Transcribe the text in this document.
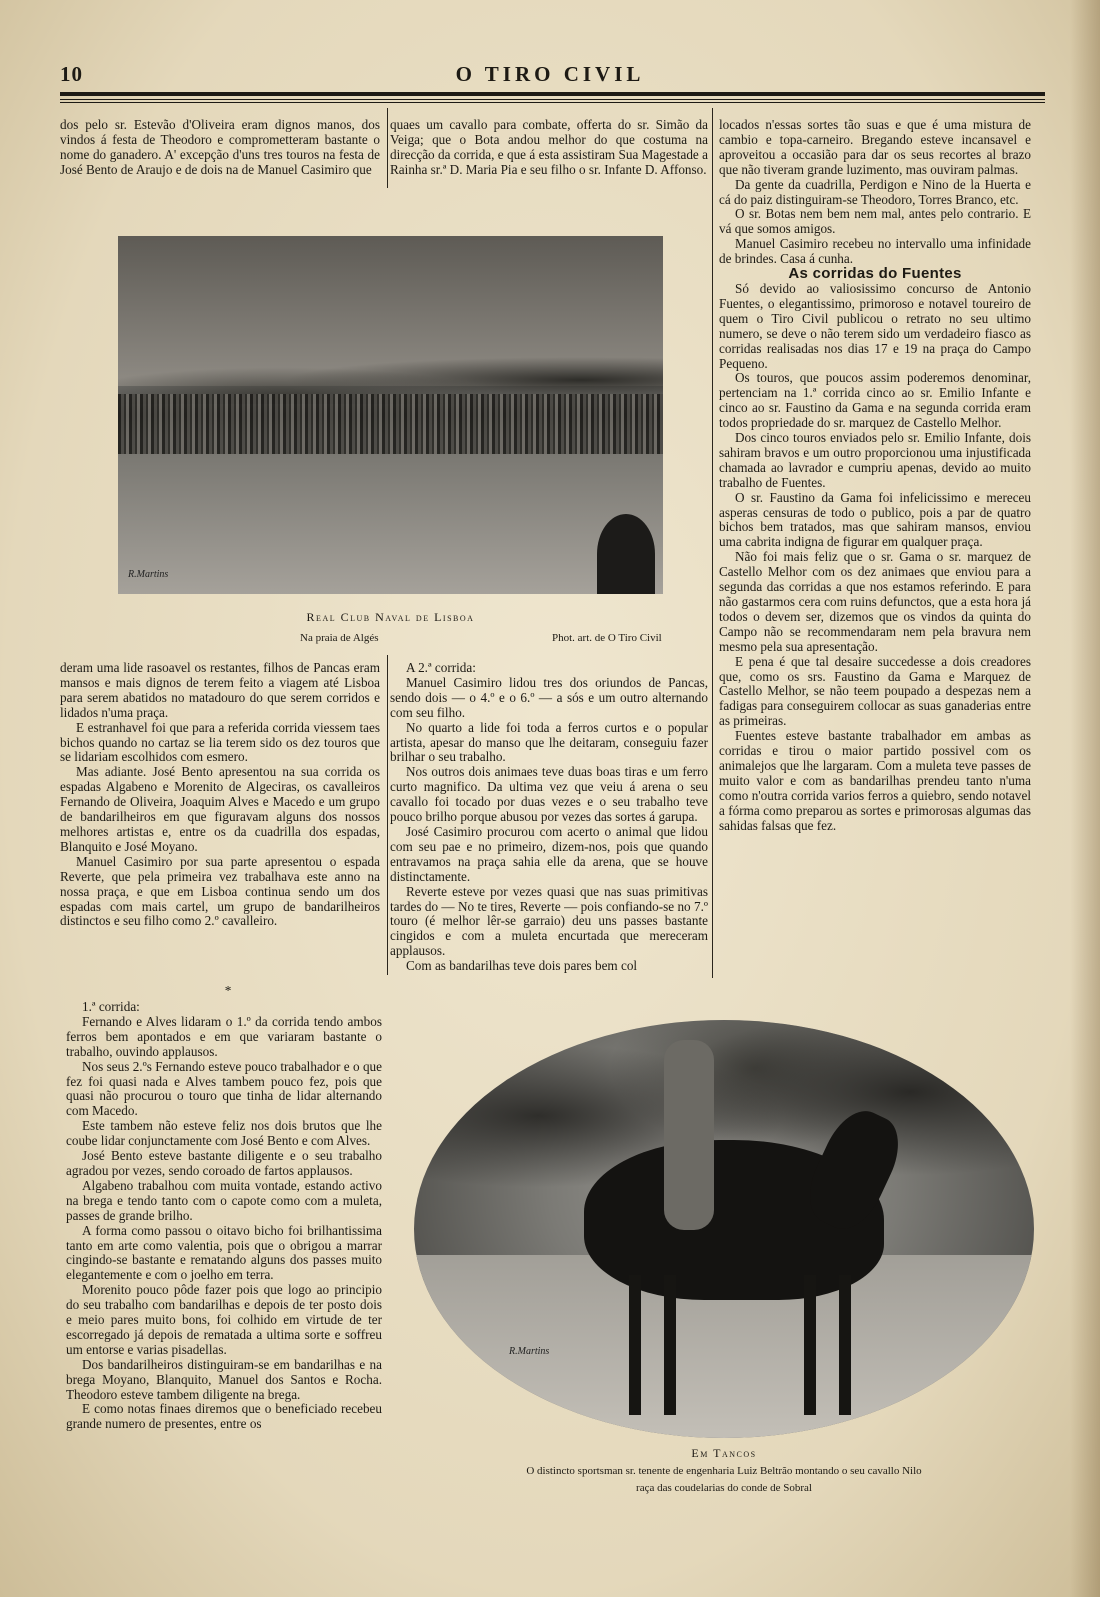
10	O TIRO CIVIL

dos pelo sr. Estevão d'Oliveira eram dignos manos, dos vindos á festa de Theodoro e comprometteram bastante o nome do ganadero. A' excepção d'uns tres touros na festa de José Bento de Araujo e de dois na de Manuel Casimiro que

quaes um cavallo para combate, offerta do sr. Simão da Veiga; que o Bota andou melhor do que costuma na direcção da corrida, e que á esta assistiram Sua Magestade a Rainha sr.ª D. Maria Pia e seu filho o sr. Infante D. Affonso.

locados n'essas sortes tão suas e que é uma mistura de cambio e topa-carneiro. Bregando esteve incansavel e aproveitou a occasião para dar os seus recortes al brazo que não tiveram grande luzimento, mas ouviram palmas.

Da gente da cuadrilla, Perdigon e Nino de la Huerta e cá do paiz distinguiram-se Theodoro, Torres Branco, etc.

O sr. Botas nem bem nem mal, antes pelo contrario. E vá que somos amigos.

Manuel Casimiro recebeu no intervallo uma infinidade de brindes. Casa á cunha.

As corridas do Fuentes

Só devido ao valiosissimo concurso de Antonio Fuentes, o elegantissimo, primoroso e notavel toureiro de quem o Tiro Civil publicou o retrato no seu ultimo numero, se deve o não terem sido um verdadeiro fiasco as corridas realisadas nos dias 17 e 19 na praça do Campo Pequeno.

Os touros, que poucos assim poderemos denominar, pertenciam na 1.ª corrida cinco ao sr. Emilio Infante e cinco ao sr. Faustino da Gama e na segunda corrida eram todos propriedade do sr. marquez de Castello Melhor.

Dos cinco touros enviados pelo sr. Emilio Infante, dois sahiram bravos e um outro proporcionou uma injustificada chamada ao lavrador e cumpriu apenas, devido ao muito trabalho de Fuentes.

O sr. Faustino da Gama foi infelicissimo e mereceu asperas censuras de todo o publico, pois a par de quatro bichos bem tratados, mas que sahiram mansos, enviou uma cabrita indigna de figurar em qualquer praça.

Não foi mais feliz que o sr. Gama o sr. marquez de Castello Melhor com os dez animaes que enviou para a segunda das corridas a que nos estamos referindo. E para não gastarmos cera com ruins defunctos, que a esta hora já todos o devem ser, dizemos que os vindos da quinta do Campo não se recommendaram nem pela bravura nem mesmo pela sua apresentação.

E pena é que tal desaire succedesse a dois creadores que, como os srs. Faustino da Gama e Marquez de Castello Melhor, se não teem poupado a despezas nem a fadigas para conseguirem collocar as suas ganaderias entre as primeiras.

Fuentes esteve bastante trabalhador em ambas as corridas e tirou o maior partido possivel com os animalejos que lhe largaram. Com a muleta teve passes de muito valor e com as bandarilhas prendeu tanto n'uma como n'outra corrida varios ferros a quiebro, sendo notavel a fórma como preparou as sortes e primorosas algumas das sahidas falsas que fez.

R.Martins
Real Club Naval de Lisboa
Na praia de Algés	Phot. art. de O Tiro Civil

deram uma lide rasoavel os restantes, filhos de Pancas eram mansos e mais dignos de terem feito a viagem até Lisboa para serem abatidos no matadouro do que serem corridos e lidados n'uma praça.

E estranhavel foi que para a referida corrida viessem taes bichos quando no cartaz se lia terem sido os dez touros que se lidariam escolhidos com esmero.

Mas adiante. José Bento apresentou na sua corrida os espadas Algabeno e Morenito de Algeciras, os cavalleiros Fernando de Oliveira, Joaquim Alves e Macedo e um grupo de bandarilheiros em que figuravam alguns dos nossos melhores artistas e, entre os da cuadrilla dos espadas, Blanquito e José Moyano.

Manuel Casimiro por sua parte apresentou o espada Reverte, que pela primeira vez trabalhava este anno na nossa praça, e que em Lisboa continua sendo um dos espadas com mais cartel, um grupo de bandarilheiros distinctos e seu filho como 2.º cavalleiro.

A 2.ª corrida:

Manuel Casimiro lidou tres dos oriundos de Pancas, sendo dois — o 4.º e o 6.º — a sós e um outro alternando com seu filho.

No quarto a lide foi toda a ferros curtos e o popular artista, apesar do manso que lhe deitaram, conseguiu fazer brilhar o seu trabalho.

Nos outros dois animaes teve duas boas tiras e um ferro curto magnifico. Da ultima vez que veiu á arena o seu cavallo foi tocado por duas vezes e o seu trabalho teve pouco brilho porque abusou por vezes das sortes á garupa.

José Casimiro procurou com acerto o animal que lidou com seu pae e no primeiro, dizem-nos, pois que quando entravamos na praça sahia elle da arena, que se houve distinctamente.

Reverte esteve por vezes quasi que nas suas primitivas tardes do — No te tires, Reverte — pois confiando-se no 7.º touro (é melhor lêr-se garraio) deu uns passes bastante cingidos e com a muleta encurtada que mereceram applausos.

Com as bandarilhas teve dois pares bem col

*

1.ª corrida:

Fernando e Alves lidaram o 1.º da corrida tendo ambos ferros bem apontados e em que variaram bastante o trabalho, ouvindo applausos.

Nos seus 2.ºs Fernando esteve pouco trabalhador e o que fez foi quasi nada e Alves tambem pouco fez, pois que quasi não procurou o touro que tinha de lidar alternando com Macedo.

Este tambem não esteve feliz nos dois brutos que lhe coube lidar conjunctamente com José Bento e com Alves.

José Bento esteve bastante diligente e o seu trabalho agradou por vezes, sendo coroado de fartos applausos.

Algabeno trabalhou com muita vontade, estando activo na brega e tendo tanto com o capote como com a muleta, passes de grande brilho.

A forma como passou o oitavo bicho foi brilhantissima tanto em arte como valentia, pois que o obrigou a marrar cingindo-se bastante e rematando alguns dos passes muito elegantemente e com o joelho em terra.

Morenito pouco pôde fazer pois que logo ao principio do seu trabalho com bandarilhas e depois de ter posto dois e meio pares muito bons, foi colhido em virtude de ter escorregado já depois de rematada a ultima sorte e soffreu um entorse e varias pisadellas.

Dos bandarilheiros distinguiram-se em bandarilhas e na brega Moyano, Blanquito, Manuel dos Santos e Rocha. Theodoro esteve tambem diligente na brega.

E como notas finaes diremos que o beneficiado recebeu grande numero de presentes, entre os

R.Martins
Em Tancos
O distincto sportsman sr. tenente de engenharia Luiz Beltrão montando o seu cavallo Nilo
raça das coudelarias do conde de Sobral
